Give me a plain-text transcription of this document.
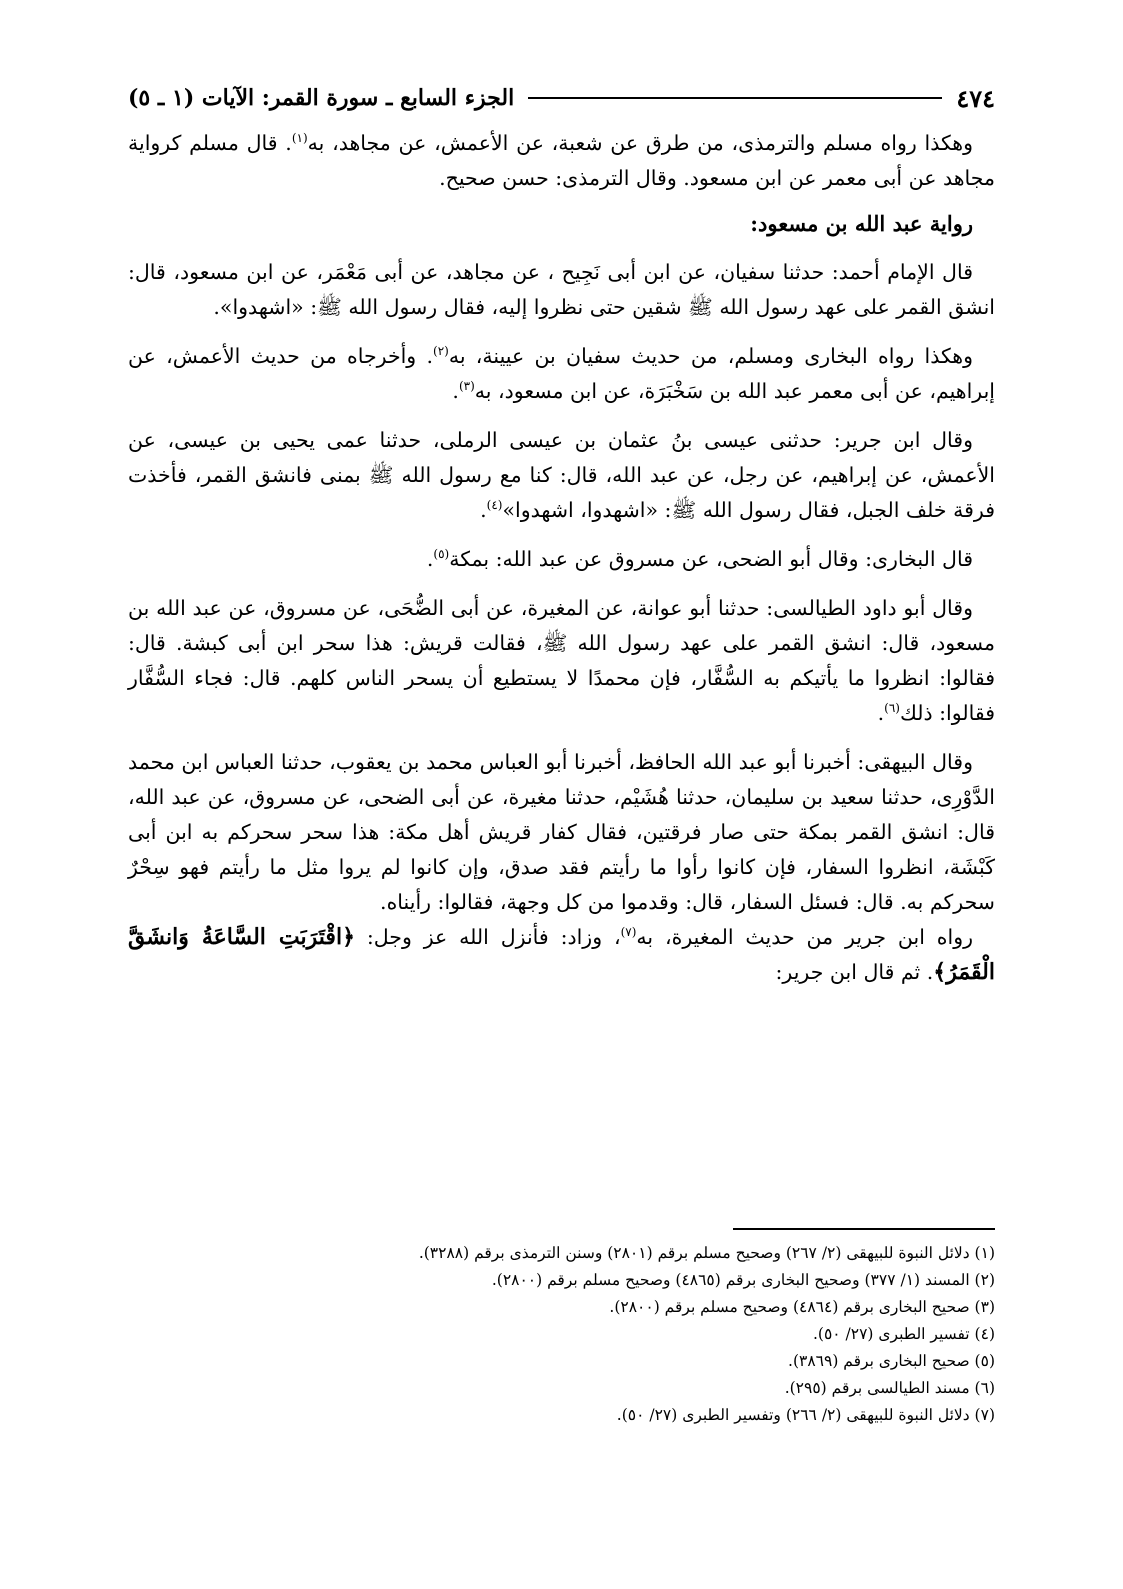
٤٧٤
الجزء السابع ـ سورة القمر: الآيات (١ ـ ٥)

وهكذا رواه مسلم والترمذى، من طرق عن شعبة، عن الأعمش، عن مجاهد، به$^{(١)}$. قال مسلم كرواية مجاهد عن أبى معمر عن ابن مسعود. وقال الترمذى: حسن صحيح.

رواية عبد الله بن مسعود:

قال الإمام أحمد: حدثنا سفيان، عن ابن أبى نَجِيح ، عن مجاهد، عن أبى مَعْمَر، عن ابن مسعود، قال: انشق القمر على عهد رسول الله ﷺ شقين حتى نظروا إليه، فقال رسول الله ﷺ: «اشهدوا».

وهكذا رواه البخارى ومسلم، من حديث سفيان بن عيينة، به$^{(٢)}$. وأخرجاه من حديث الأعمش، عن إبراهيم، عن أبى معمر عبد الله بن سَخْبَرَة، عن ابن مسعود، به$^{(٣)}$.

وقال ابن جرير: حدثنى عيسى بنُ عثمان بن عيسى الرملى، حدثنا عمى يحيى بن عيسى، عن الأعمش، عن إبراهيم، عن رجل، عن عبد الله، قال: كنا مع رسول الله ﷺ بمنى فانشق القمر، فأخذت فرقة خلف الجبل، فقال رسول الله ﷺ: «اشهدوا، اشهدوا»$^{(٤)}$.

قال البخارى: وقال أبو الضحى، عن مسروق عن عبد الله: بمكة$^{(٥)}$.

وقال أبو داود الطيالسى: حدثنا أبو عوانة، عن المغيرة، عن أبى الضُّحَى، عن مسروق، عن عبد الله بن مسعود، قال: انشق القمر على عهد رسول الله ﷺ، فقالت قريش: هذا سحر ابن أبى كبشة. قال: فقالوا: انظروا ما يأتيكم به السُّفَّار، فإن محمدًا لا يستطيع أن يسحر الناس كلهم. قال: فجاء السُّفَّار فقالوا: ذلك$^{(٦)}$.

وقال البيهقى: أخبرنا أبو عبد الله الحافظ، أخبرنا أبو العباس محمد بن يعقوب، حدثنا العباس ابن محمد الدَّوْرِى، حدثنا سعيد بن سليمان، حدثنا هُشَيْم، حدثنا مغيرة، عن أبى الضحى، عن مسروق، عن عبد الله، قال: انشق القمر بمكة حتى صار فرقتين، فقال كفار قريش أهل مكة: هذا سحر سحركم به ابن أبى كَبْشَة، انظروا السفار، فإن كانوا رأوا ما رأيتم فقد صدق، وإن كانوا لم يروا مثل ما رأيتم فهو سِحْرٌ سحركم به. قال: فسئل السفار، قال: وقدموا من كل وجهة، فقالوا: رأيناه.

رواه ابن جرير من حديث المغيرة، به$^{(٧)}$، وزاد: فأنزل الله عز وجل: ﴿اقْتَرَبَتِ السَّاعَةُ وَانشَقَّ الْقَمَرُ﴾. ثم قال ابن جرير:

(١) دلائل النبوة للبيهقى (٢/ ٢٦٧) وصحيح مسلم برقم (٢٨٠١) وسنن الترمذى برقم (٣٢٨٨).

(٢) المسند (١/ ٣٧٧) وصحيح البخارى برقم (٤٨٦٥) وصحيح مسلم برقم (٢٨٠٠).

(٣) صحيح البخارى برقم (٤٨٦٤) وصحيح مسلم برقم (٢٨٠٠).

(٤) تفسير الطبرى (٢٧/ ٥٠).

(٥) صحيح البخارى برقم (٣٨٦٩).

(٦) مسند الطيالسى برقم (٢٩٥).

(٧) دلائل النبوة للبيهقى (٢/ ٢٦٦) وتفسير الطبرى (٢٧/ ٥٠).
